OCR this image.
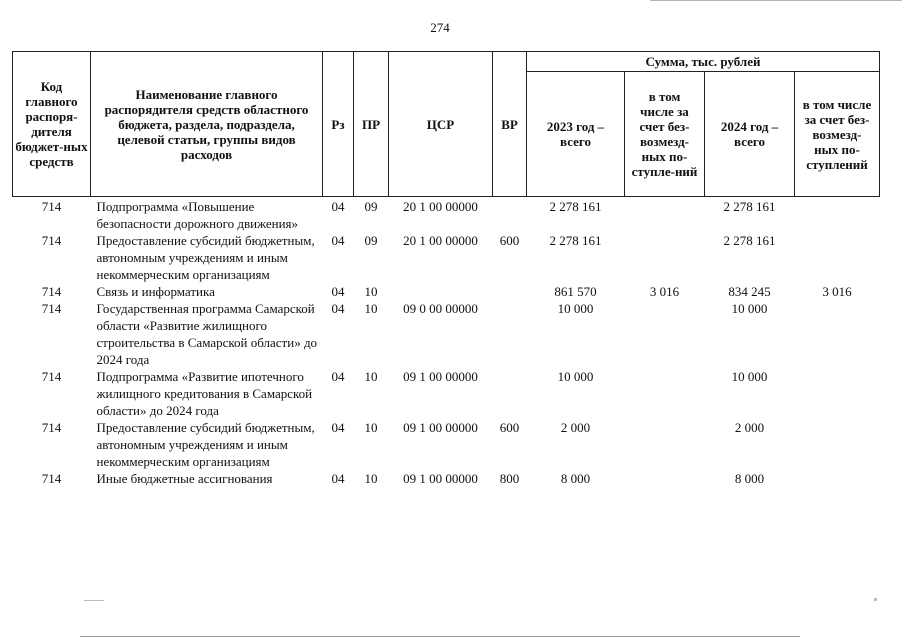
274
Код главного распоря-дителя бюджет-ных средств	Наименование главного распорядителя средств областного бюджета, раздела, подраздела, целевой статьи, группы видов расходов	Рз	ПР	ЦСР	ВР	Сумма, тыс. рублей			
						2023 год – всего	в том числе за счет без-возмезд-ных по-ступле-ний	2024 год – всего	в том числе за счет без-возмезд-ных по-ступлений
714	Подпрограмма «Повышение безопасности дорожного движения»	04	09	20 1 00 00000		2 278 161		2 278 161	
714	Предоставление субсидий бюджетным, автономным учреждениям и иным некоммерческим организациям	04	09	20 1 00 00000	600	2 278 161		2 278 161	
714	Связь и информатика	04	10			861 570	3 016	834 245	3 016
714	Государственная программа Самарской области «Развитие жилищного строительства в Самарской области» до 2024 года	04	10	09 0 00 00000		10 000		10 000	
714	Подпрограмма «Развитие ипотечного жилищного кредитования в Самарской области» до 2024 года	04	10	09 1 00 00000		10 000		10 000	
714	Предоставление субсидий бюджетным, автономным учреждениям и иным некоммерческим организациям	04	10	09 1 00 00000	600	2 000		2 000	
714	Иные бюджетные ассигнования	04	10	09 1 00 00000	800	8 000		8 000	
